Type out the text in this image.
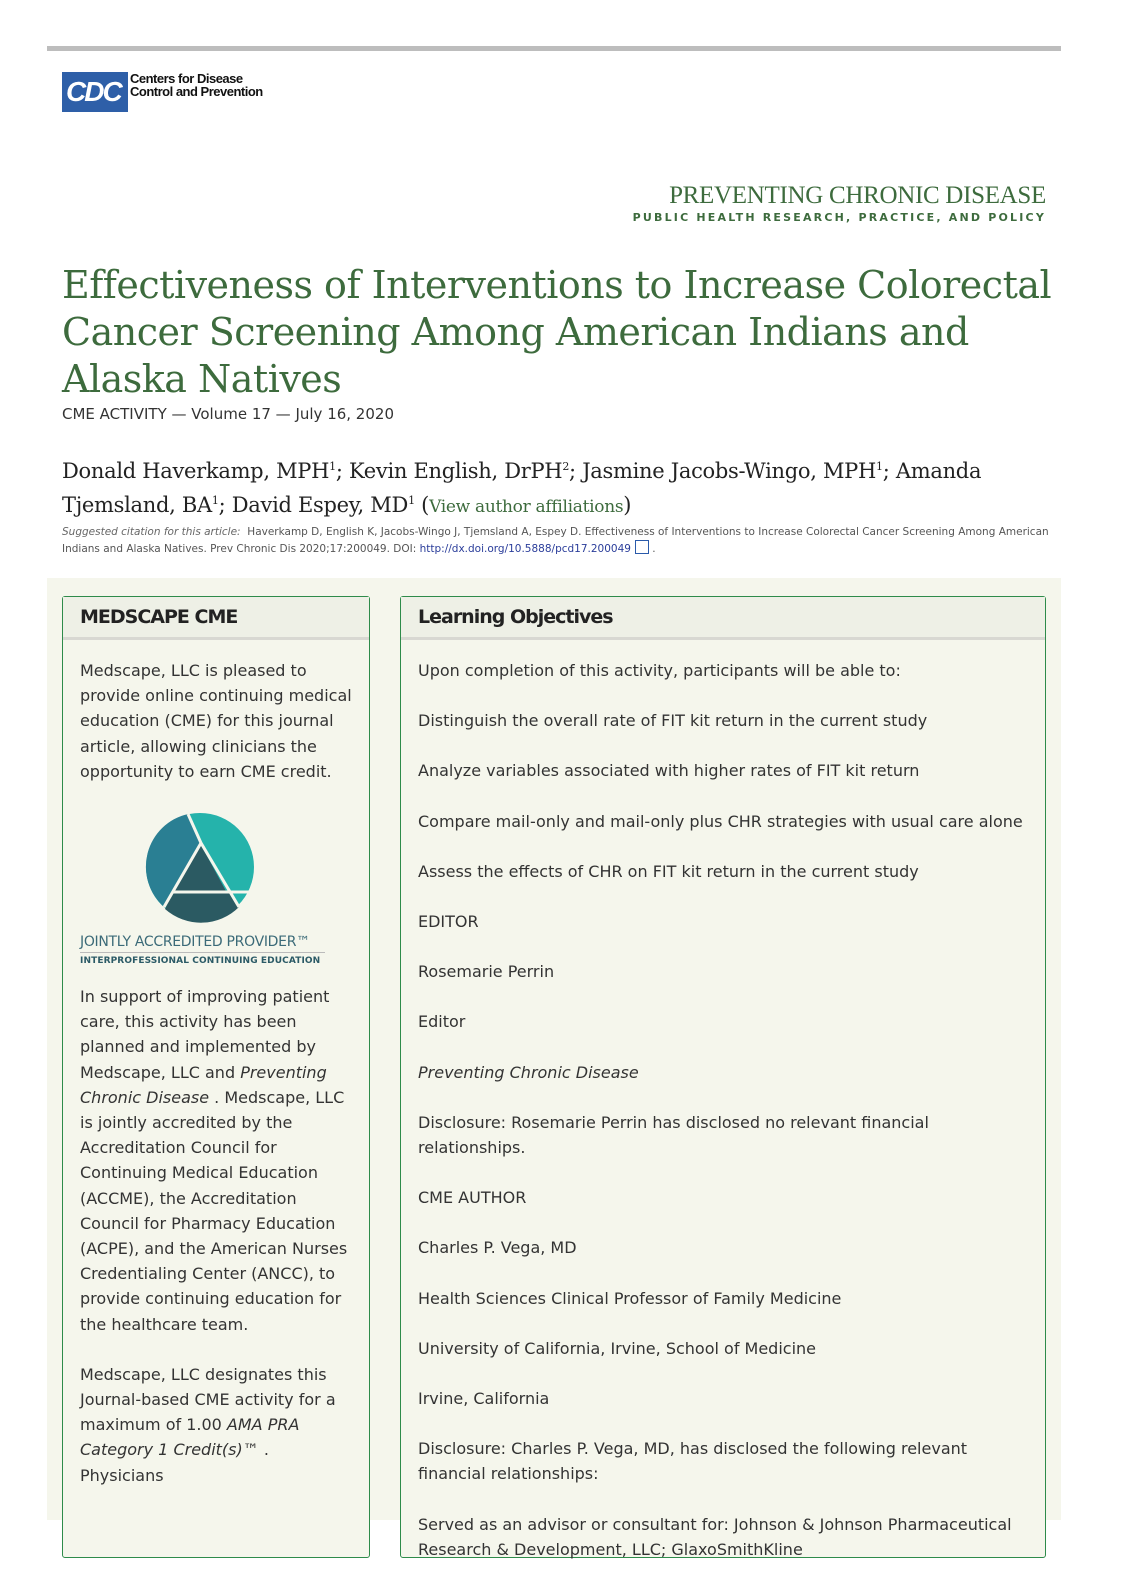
CDC Centers for Disease
Control and Prevention
PREVENTING CHRONIC DISEASE
PUBLIC HEALTH RESEARCH, PRACTICE, AND POLICY
Effectiveness of Interventions to Increase Colorectal Cancer Screening Among American Indians and Alaska Natives
CME ACTIVITY — Volume 17 — July 16, 2020
Donald Haverkamp, MPH$^1$; Kevin English, DrPH$^2$; Jasmine Jacobs-Wingo, MPH$^1$; Amanda Tjemsland, $BA^1$; David Espey, $MD^1$ (View author affiliations)
Suggested citation for this article: Haverkamp D, English K, Jacobs-Wingo J, Tjemsland A, Espey D. Effectiveness of Interventions to Increase Colorectal Cancer Screening Among American Indians and Alaska Natives. Prev Chronic Dis 2020;17:200049. DOI: http://dx.doi.org/10.5888/pcd17.200049 .
MEDSCAPE CME
Medscape, LLC is pleased to provide online continuing medical education (CME) for this journal article, allowing clinicians the opportunity to earn CME credit.
JOINTLY ACCREDITED PROVIDER™
INTERPROFESSIONAL CONTINUING EDUCATION
In support of improving patient care, this activity has been planned and implemented by Medscape, LLC and Preventing Chronic Disease . Medscape, LLC is jointly accredited by the Accreditation Council for Continuing Medical Education (ACCME), the Accreditation Council for Pharmacy Education (ACPE), and the American Nurses Credentialing Center (ANCC), to provide continuing education for the healthcare team.
Medscape, LLC designates this Journal-based CME activity for a maximum of 1.00 AMA PRA Category 1 Credit(s)™ . Physicians
Learning Objectives
Upon completion of this activity, participants will be able to:
Distinguish the overall rate of FIT kit return in the current study
Analyze variables associated with higher rates of FIT kit return
Compare mail-only and mail-only plus CHR strategies with usual care alone
Assess the effects of CHR on FIT kit return in the current study
EDITOR
Rosemarie Perrin
Editor
Preventing Chronic Disease
Disclosure: Rosemarie Perrin has disclosed no relevant financial relationships.
CME AUTHOR
Charles P. Vega, MD
Health Sciences Clinical Professor of Family Medicine
University of California, Irvine, School of Medicine
Irvine, California
Disclosure: Charles P. Vega, MD, has disclosed the following relevant financial relationships:
Served as an advisor or consultant for: Johnson & Johnson Pharmaceutical Research & Development, LLC; GlaxoSmithKline
